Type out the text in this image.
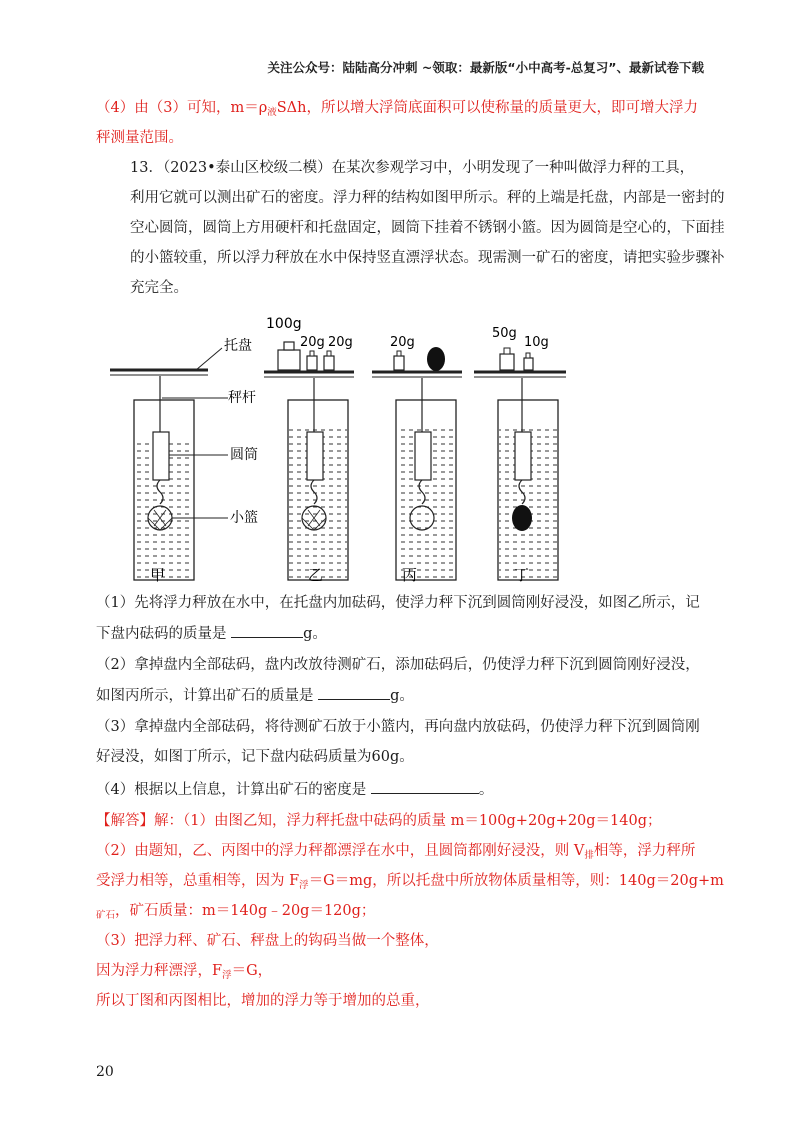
关注公众号：陆陆高分冲刺 ~领取：最新版“小中高考-总复习”、最新试卷下载
（4）由（3）可知，$m=\rho_液S\Delta h$，所以增大浮筒底面积可以使称量的质量更大，即可增大浮力
秤测量范围。
13．（2023•泰山区校级二模）在某次参观学习中，小明发现了一种叫做浮力秤的工具，
利用它就可以测出矿石的密度。浮力秤的结构如图甲所示。秤的上端是托盘，内部是一密封的
空心圆筒，圆筒上方用硬杆和托盘固定，圆筒下挂着不锈钢小篮。因为圆筒是空心的，下面挂
的小篮较重，所以浮力秤放在水中保持竖直漂浮状态。现需测一矿石的密度，请把实验步骤补
充完全。
托盘
秤杆
圆筒
小篮
甲
100g
20g 20g
乙
20g
丙
50g
10g
丁
（1）先将浮力秤放在水中，在托盘内加砝码，使浮力秤下沉到圆筒刚好浸没，如图乙所示，记
下盘内砝码的质量是	g。
（2）拿掉盘内全部砝码，盘内改放待测矿石，添加砝码后，仍使浮力秤下沉到圆筒刚好浸没，
如图丙所示，计算出矿石的质量是	g。
（3）拿掉盘内全部砝码，将待测矿石放于小篮内，再向盘内放砝码，仍使浮力秤下沉到圆筒刚
好浸没，如图丁所示，记下盘内砝码质量为60g。
（4）根据以上信息，计算出矿石的密度是	。
【解答】解：（1）由图乙知，浮力秤托盘中砝码的质量 m＝100g+20g+20g＝140g；
（2）由题知，乙、丙图中的浮力秤都漂浮在水中，且圆筒都刚好浸没，则 $V_排$相等，浮力秤所
受浮力相等，总重相等，因为 $F_浮=G=mg$，所以托盘中所放物体质量相等，则：140g＝20g+m
$_{矿石}$，矿石质量：m＝140g﹣20g＝120g；
（3）把浮力秤、矿石、秤盘上的钩码当做一个整体，
因为浮力秤漂浮，$F_浮=G$，
所以丁图和丙图相比，增加的浮力等于增加的总重，
20
